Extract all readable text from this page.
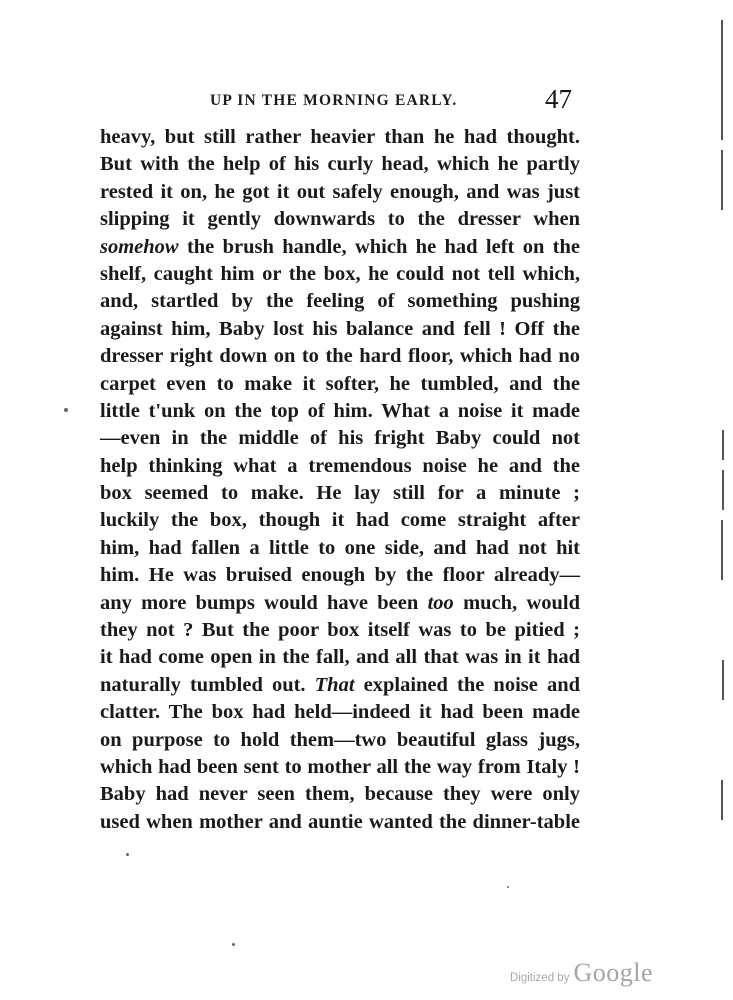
UP IN THE MORNING EARLY.	47
heavy, but still rather heavier than he had thought.
But with the help of his curly head, which he partly
rested it on, he got it out safely enough, and was just
slipping it gently downwards to the dresser when
somehow the brush handle, which he had left on the
shelf, caught him or the box, he could not tell which,
and, startled by the feeling of something pushing
against him, Baby lost his balance and fell ! Off the
dresser right down on to the hard floor, which had no
carpet even to make it softer, he tumbled, and the
little t'unk on the top of him. What a noise it made
—even in the middle of his fright Baby could not
help thinking what a tremendous noise he and the
box seemed to make. He lay still for a minute ;
luckily the box, though it had come straight after
him, had fallen a little to one side, and had not hit
him. He was bruised enough by the floor already—
any more bumps would have been too much, would
they not ? But the poor box itself was to be pitied ;
it had come open in the fall, and all that was in it had
naturally tumbled out. That explained the noise and
clatter. The box had held—indeed it had been made
on purpose to hold them—two beautiful glass jugs,
which had been sent to mother all the way from Italy !
Baby had never seen them, because they were only
used when mother and auntie wanted the dinner-table
Digitized by Google
